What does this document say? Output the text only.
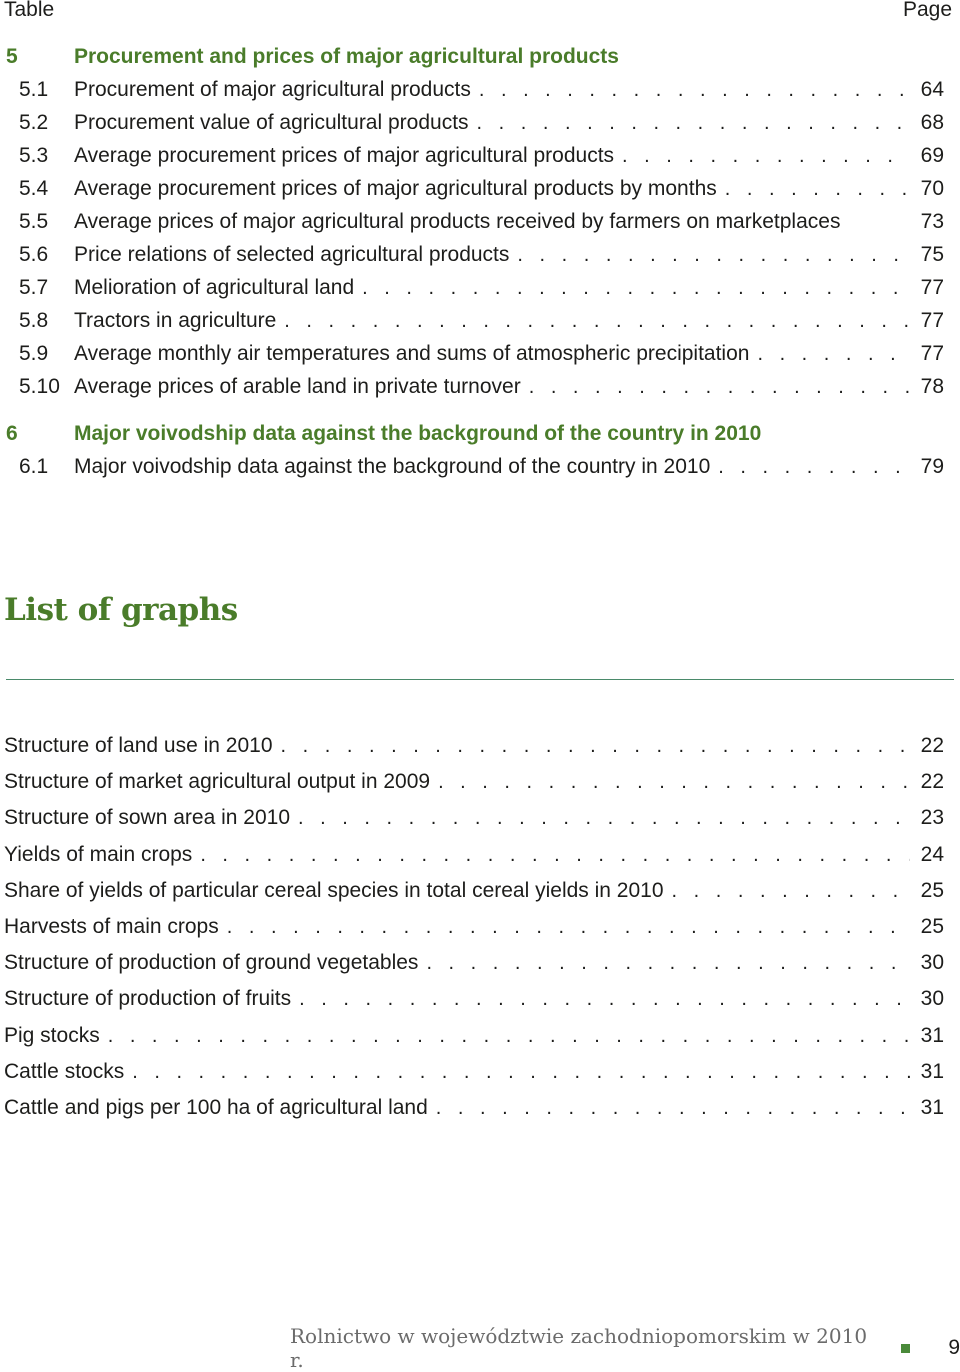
Table	Page
5	Procurement and prices of major agricultural products
5.1	Procurement of major agricultural products . . .	64
5.2	Procurement value of agricultural products . . .	68
5.3	Average procurement prices of major agricultural products . . .	69
5.4	Average procurement prices of major agricultural products by months . . .	70
5.5	Average prices of major agricultural products received by farmers on marketplaces	73
5.6	Price relations of selected agricultural products . . .	75
5.7	Melioration of agricultural land . . .	77
5.8	Tractors in agriculture . . .	77
5.9	Average monthly air temperatures and sums of atmospheric precipitation . . .	77
5.10 Average prices of arable land in private turnover . . .	78
6	Major voivodship data against the background of the country in 2010
6.1	Major voivodship data against the background of the country in 2010 . . .	79
List of graphs
Structure of land use in 2010 . . .	22
Structure of market agricultural output in 2009 . . .	22
Structure of sown area in 2010 . . .	23
Yields of main crops . . .	24
Share of yields of particular cereal species in total cereal yields in 2010 . . .	25
Harvests of main crops . . .	25
Structure of production of ground vegetables . . .	30
Structure of production of fruits . . .	30
Pig stocks . . .	31
Cattle stocks . . .	31
Cattle and pigs per 100 ha of agricultural land . . .	31
Rolnictwo w województwie zachodniopomorskim w 2010 r.
9
